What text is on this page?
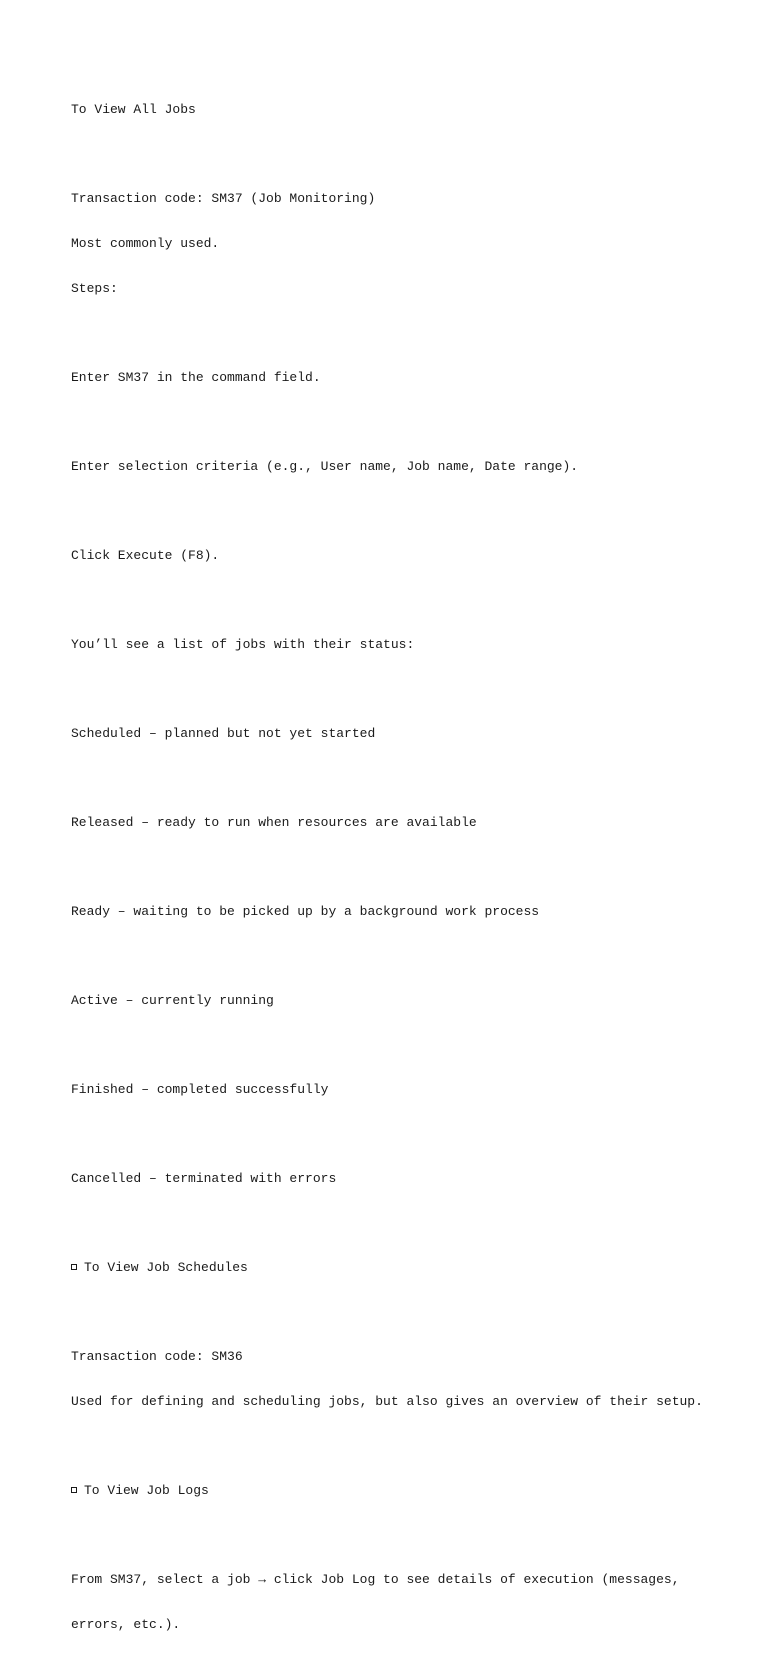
To View All Jobs

Transaction code: SM37 (Job Monitoring)

Most commonly used.

Steps:

Enter SM37 in the command field.

Enter selection criteria (e.g., User name, Job name, Date range).

Click Execute (F8).

You’ll see a list of jobs with their status:

Scheduled – planned but not yet started

Released – ready to run when resources are available

Ready – waiting to be picked up by a background work process

Active – currently running

Finished – completed successfully

Cancelled – terminated with errors

To View Job Schedules

Transaction code: SM36

Used for defining and scheduling jobs, but also gives an overview of their setup.

To View Job Logs

From SM37, select a job → click Job Log to see details of execution (messages,

errors, etc.).
